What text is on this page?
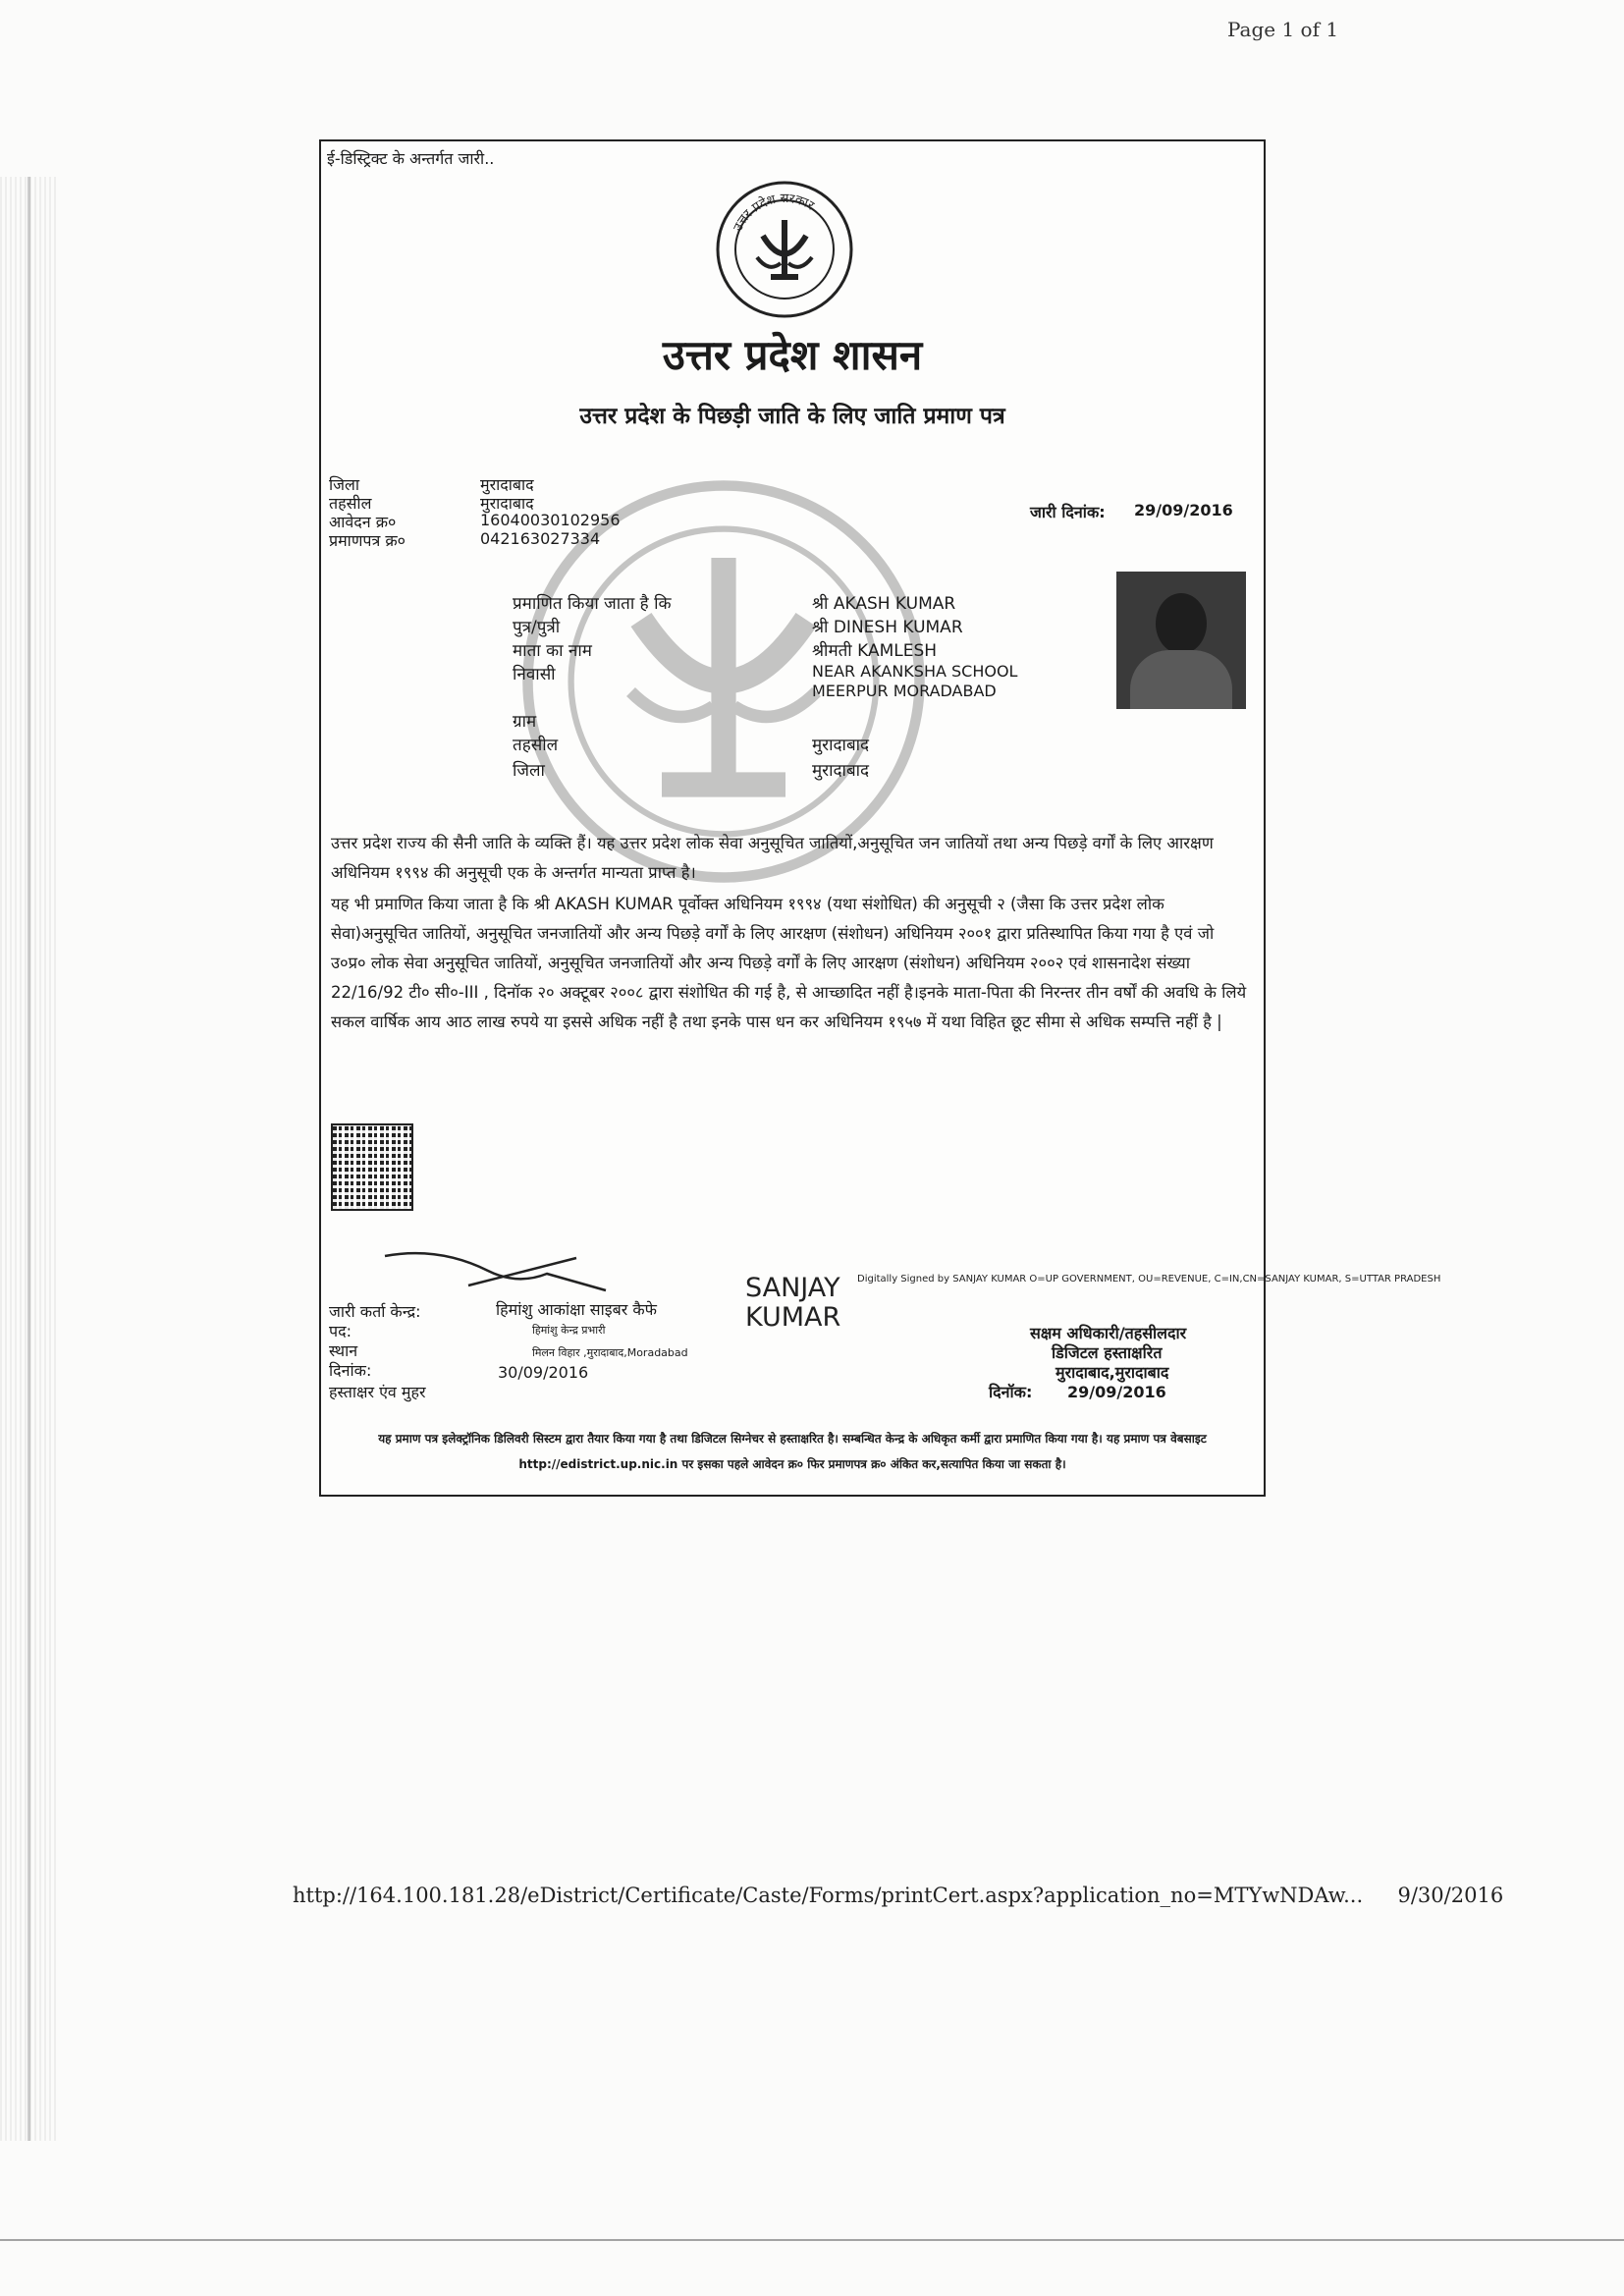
Page 1 of 1
ई-डिस्ट्रिक्ट के अन्तर्गत जारी..
उत्तर प्रदेश सरकार
उत्तर प्रदेश शासन
उत्तर प्रदेश के पिछड़ी जाति के लिए जाति प्रमाण पत्र
जिला	मुरादाबाद
तहसील	मुरादाबाद
आवेदन क्र०	16040030102956
प्रमाणपत्र क्र०	042163027334
जारी दिनांक: 29/09/2016
प्रमाणित किया जाता है कि	श्री AKASH KUMAR
पुत्र/पुत्री	श्री DINESH KUMAR
माता का नाम	श्रीमती KAMLESH
निवासी	NEAR AKANKSHA SCHOOL
MEERPUR MORADABAD
ग्राम
तहसील	मुरादाबाद
जिला	मुरादाबाद
उत्तर प्रदेश राज्य की सैनी जाति के व्यक्ति हैं। यह उत्तर प्रदेश लोक सेवा अनुसूचित जातियों,अनुसूचित जन जातियों तथा अन्य पिछड़े वर्गों के लिए आरक्षण अधिनियम १९९४ की अनुसूची एक के अन्तर्गत मान्यता प्राप्त है।
यह भी प्रमाणित किया जाता है कि श्री AKASH KUMAR पूर्वोक्त अधिनियम १९९४ (यथा संशोधित) की अनुसूची २ (जैसा कि उत्तर प्रदेश लोक सेवा)अनुसूचित जातियों, अनुसूचित जनजातियों और अन्य पिछड़े वर्गों के लिए आरक्षण (संशोधन) अधिनियम २००१ द्वारा प्रतिस्थापित किया गया है एवं जो उ०प्र० लोक सेवा अनुसूचित जातियों, अनुसूचित जनजातियों और अन्य पिछड़े वर्गों के लिए आरक्षण (संशोधन) अधिनियम २००२ एवं शासनादेश संख्या 22/16/92 टी० सी०-III , दिनॉक २० अक्टूबर २००८ द्वारा संशोधित की गई है, से आच्छादित नहीं है।इनके माता-पिता की निरन्तर तीन वर्षों की अवधि के लिये सकल वार्षिक आय आठ लाख रुपये या इससे अधिक नहीं है तथा इनके पास धन कर अधिनियम १९५७ में यथा विहित छूट सीमा से अधिक सम्पत्ति नहीं है |
जारी कर्ता केन्द्र:	हिमांशु आकांक्षा साइबर कैफे
पद:	हिमांशु केन्द्र प्रभारी
स्थान	मिलन विहार ,मुरादाबाद,Moradabad
दिनांक:	30/09/2016
हस्ताक्षर एंव मुहर
SANJAY
KUMAR
Digitally Signed by SANJAY KUMAR O=UP GOVERNMENT, OU=REVENUE, C=IN,CN=SANJAY KUMAR, S=UTTAR PRADESH
सक्षम अधिकारी/तहसीलदार
डिजिटल हस्ताक्षरित
मुरादाबाद,मुरादाबाद
दिनॉक: 29/09/2016
यह प्रमाण पत्र इलेक्ट्रॉनिक डिलिवरी सिस्टम द्वारा तैयार किया गया है तथा डिजिटल सिग्नेचर से हस्ताक्षरित है। सम्बन्धित केन्द्र के अधिकृत कर्मी द्वारा प्रमाणित किया गया है। यह प्रमाण पत्र वेबसाइट http://edistrict.up.nic.in पर इसका पहले आवेदन क्र० फिर प्रमाणपत्र क्र० अंकित कर,सत्यापित किया जा सकता है।
http://164.100.181.28/eDistrict/Certificate/Caste/Forms/printCert.aspx?application_no=MTYwNDAw... 9/30/2016
